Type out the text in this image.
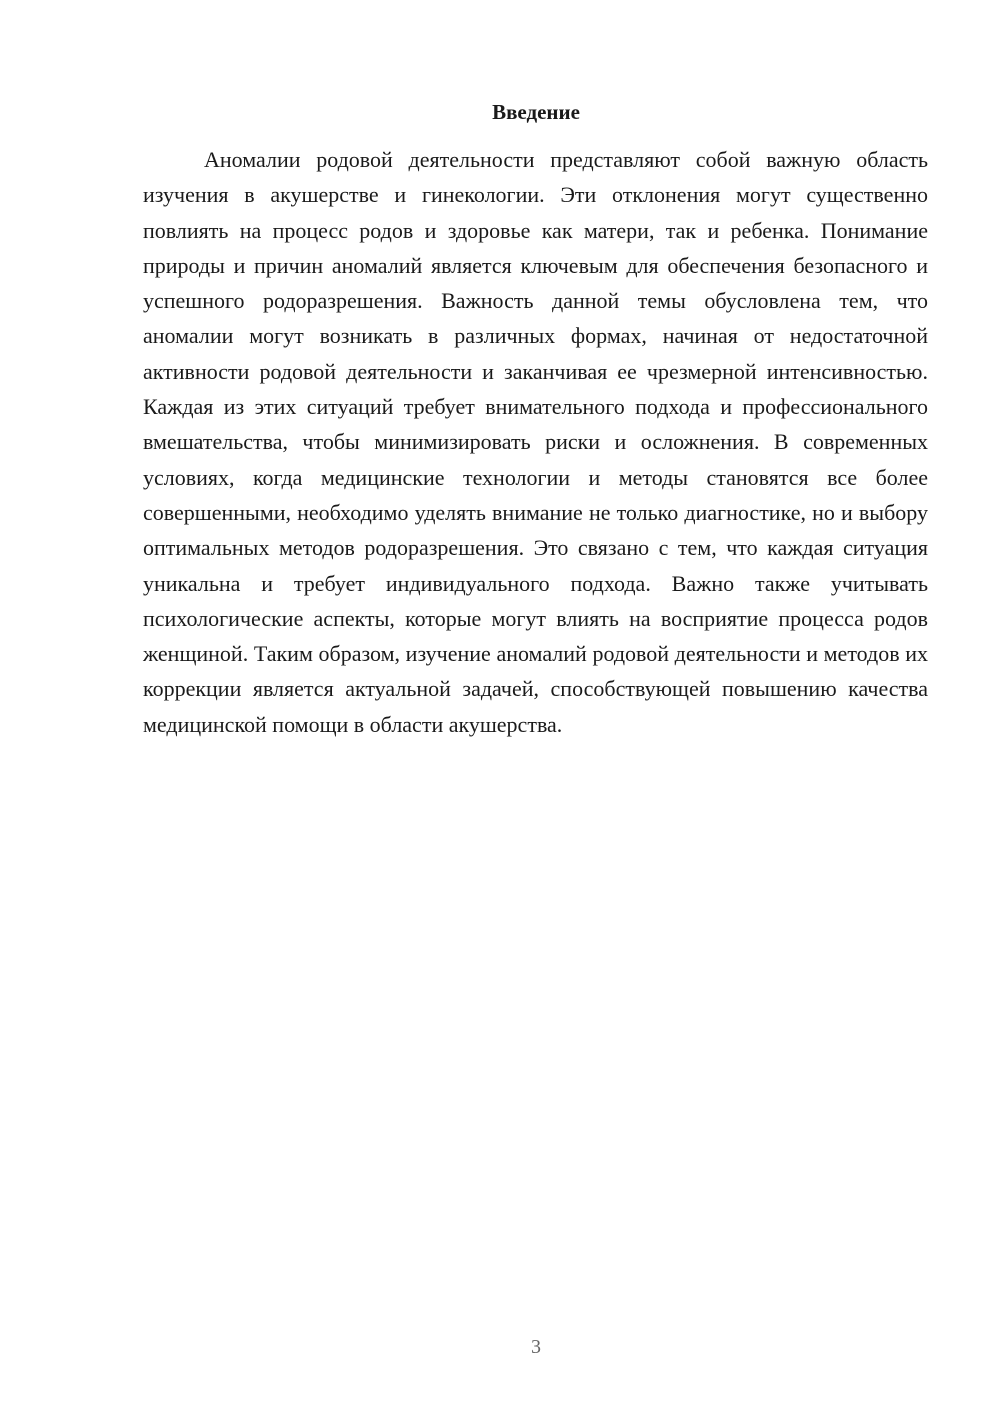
Введение

Аномалии родовой деятельности представляют собой важную область изучения в акушерстве и гинекологии. Эти отклонения могут существенно повлиять на процесс родов и здоровье как матери, так и ребенка. Понимание природы и причин аномалий является ключевым для обеспечения безопасного и успешного родоразрешения. Важность данной темы обусловлена тем, что аномалии могут возникать в различных формах, начиная от недостаточной активности родовой деятельности и заканчивая ее чрезмерной интенсивностью. Каждая из этих ситуаций требует внимательного подхода и профессионального вмешательства, чтобы минимизировать риски и осложнения. В современных условиях, когда медицинские технологии и методы становятся все более совершенными, необходимо уделять внимание не только диагностике, но и выбору оптимальных методов родоразрешения. Это связано с тем, что каждая ситуация уникальна и требует индивидуального подхода. Важно также учитывать психологические аспекты, которые могут влиять на восприятие процесса родов женщиной. Таким образом, изучение аномалий родовой деятельности и методов их коррекции является актуальной задачей, способствующей повышению качества медицинской помощи в области акушерства.

3
